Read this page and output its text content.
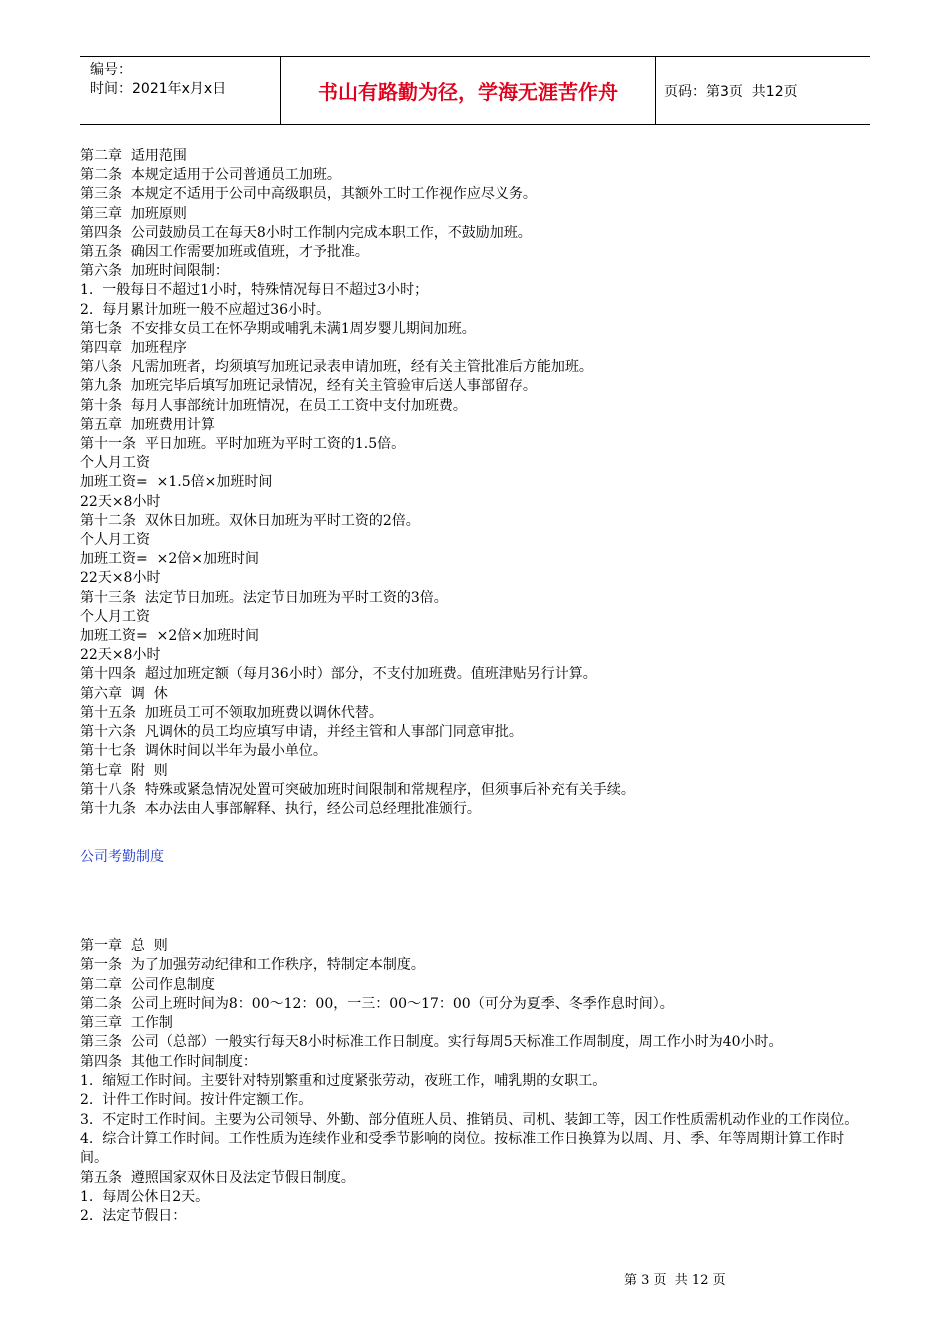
编号：
时间：2021年x月x日	书山有路勤为径，学海无涯苦作舟	页码：第3页  共12页

第二章  适用范围

第二条  本规定适用于公司普通员工加班。

第三条  本规定不适用于公司中高级职员，其额外工时工作视作应尽义务。

第三章  加班原则

第四条  公司鼓励员工在每天8小时工作制内完成本职工作，不鼓励加班。

第五条  确因工作需要加班或值班，才予批准。

第六条  加班时间限制：

1.  一般每日不超过1小时，特殊情况每日不超过3小时；

2.  每月累计加班一般不应超过36小时。

第七条  不安排女员工在怀孕期或哺乳未满1周岁婴儿期间加班。

第四章  加班程序

第八条  凡需加班者，均须填写加班记录表申请加班，经有关主管批准后方能加班。

第九条  加班完毕后填写加班记录情况，经有关主管验审后送人事部留存。

第十条  每月人事部统计加班情况，在员工工资中支付加班费。

第五章  加班费用计算

第十一条  平日加班。平时加班为平时工资的1.5倍。

个人月工资

加班工资=  ×1.5倍×加班时间

22天×8小时

第十二条  双休日加班。双休日加班为平时工资的2倍。

个人月工资

加班工资=  ×2倍×加班时间

22天×8小时

第十三条  法定节日加班。法定节日加班为平时工资的3倍。

个人月工资

加班工资=  ×2倍×加班时间

22天×8小时

第十四条  超过加班定额（每月36小时）部分，不支付加班费。值班津贴另行计算。

第六章  调  休

第十五条  加班员工可不领取加班费以调休代替。

第十六条  凡调休的员工均应填写申请，并经主管和人事部门同意审批。

第十七条  调休时间以半年为最小单位。

第七章  附  则

第十八条  特殊或紧急情况处置可突破加班时间限制和常规程序，但须事后补充有关手续。

第十九条  本办法由人事部解释、执行，经公司总经理批准颁行。

公司考勤制度

第一章  总  则

第一条  为了加强劳动纪律和工作秩序，特制定本制度。

第二章  公司作息制度

第二条  公司上班时间为8：00～12：00，一三：00～17：00（可分为夏季、冬季作息时间）。

第三章  工作制

第三条  公司（总部）一般实行每天8小时标准工作日制度。实行每周5天标准工作周制度，周工作小时为40小时。

第四条  其他工作时间制度：

1.  缩短工作时间。主要针对特别繁重和过度紧张劳动，夜班工作，哺乳期的女职工。

2.  计件工作时间。按计件定额工作。

3.  不定时工作时间。主要为公司领导、外勤、部分值班人员、推销员、司机、装卸工等，因工作性质需机动作业的工作岗位。

4.  综合计算工作时间。工作性质为连续作业和受季节影响的岗位。按标准工作日换算为以周、月、季、年等周期计算工作时间。

第五条  遵照国家双休日及法定节假日制度。

1.  每周公休日2天。

2.  法定节假日：

第 3 页  共 12 页
